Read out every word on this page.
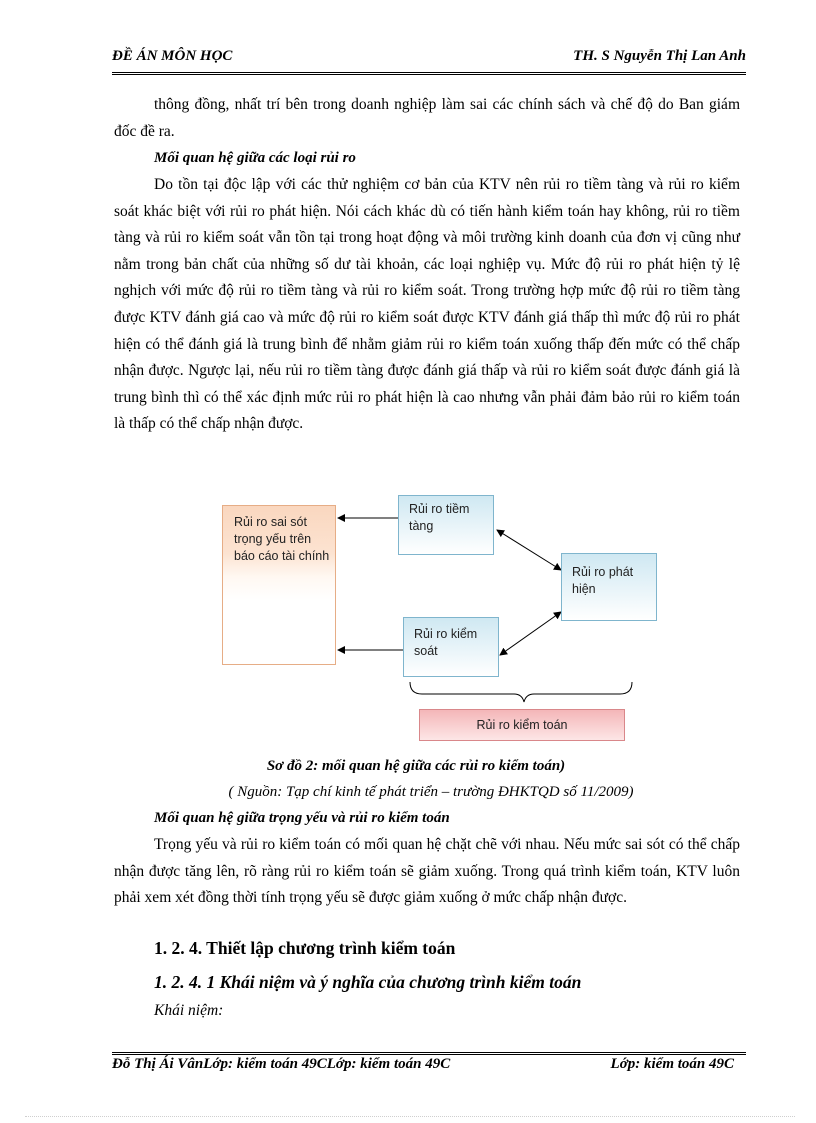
ĐỀ ÁN MÔN HỌC	TH. S Nguyễn Thị Lan Anh

thông đồng, nhất trí bên trong doanh nghiệp làm sai các chính sách và chế độ do Ban giám đốc đề ra.

Mối quan hệ giữa các loại rủi ro

Do tồn tại độc lập với các thử nghiệm cơ bản của KTV nên rủi ro tiềm tàng và rủi ro kiểm soát khác biệt với rủi ro phát hiện. Nói cách khác dù có tiến hành kiểm toán hay không, rủi ro tiềm tàng và rủi ro kiểm soát vẫn tồn tại trong hoạt động và môi trường kinh doanh của đơn vị cũng như nằm trong bản chất của những số dư tài khoản, các loại nghiệp vụ. Mức độ rủi ro phát hiện tỷ lệ nghịch với mức độ rủi ro tiềm tàng và rủi ro kiểm soát. Trong trường hợp mức độ rủi ro tiềm tàng được KTV đánh giá cao và mức độ rủi ro kiểm soát được KTV đánh giá thấp thì mức độ rủi ro phát hiện có thể đánh giá là trung bình để nhằm giảm rủi ro kiểm toán xuống thấp đến mức có thể chấp nhận được. Ngược lại, nếu rủi ro tiềm tàng được đánh giá thấp và rủi ro kiểm soát được đánh giá là trung bình thì có thể xác định mức rủi ro phát hiện là cao nhưng vẫn phải đảm bảo rủi ro kiểm toán là thấp có thể chấp nhận được.

Rủi ro sai sót trọng yếu trên báo cáo tài chính
Rủi ro tiềm tàng
Rủi ro phát hiện
Rủi ro kiểm soát
Rủi ro kiểm toán

Sơ đồ 2: mối quan hệ giữa các rủi ro kiểm toán)

( Nguồn: Tạp chí kinh tế phát triển – trường ĐHKTQD số 11/2009)

Mối quan hệ giữa trọng yếu và rủi ro kiểm toán

Trọng yếu và rủi ro kiểm toán có mối quan hệ chặt chẽ với nhau. Nếu mức sai sót có thể chấp nhận được tăng lên, rõ ràng rủi ro kiểm toán sẽ giảm xuống. Trong quá trình kiểm toán, KTV luôn phải xem xét đồng thời tính trọng yếu sẽ được giảm xuống ở mức chấp nhận được.

1. 2. 4. Thiết lập chương trình kiểm toán

1. 2. 4. 1 Khái niệm và ý nghĩa của chương trình kiểm toán

Khái niệm:

Đỗ Thị Ái VânLớp: kiểm toán 49CLớp: kiểm toán 49C	Lớp: kiểm toán 49C
